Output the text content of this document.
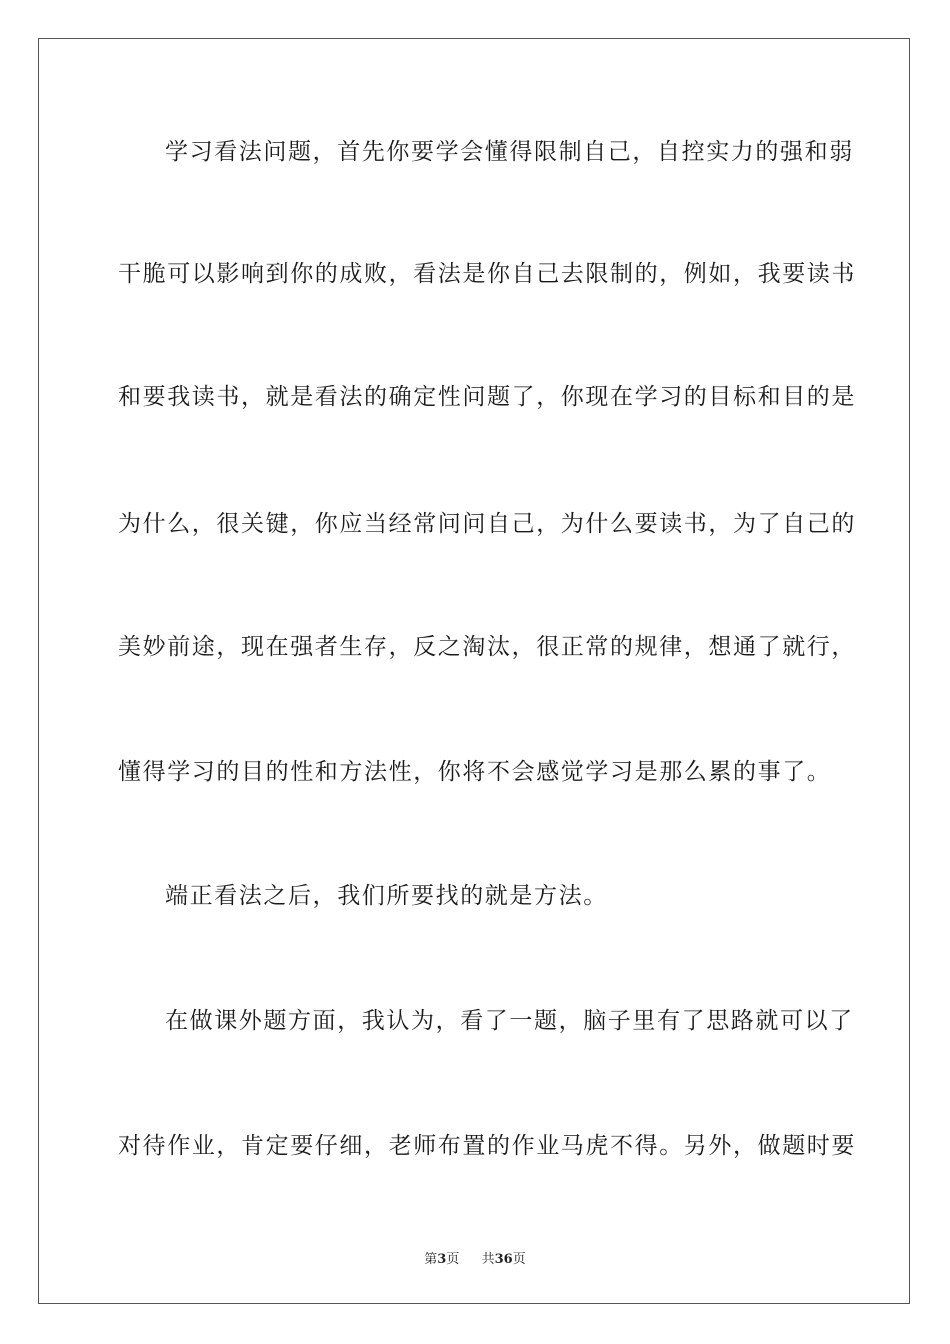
学习看法问题，首先你要学会懂得限制自己，自控实力的强和弱
干脆可以影响到你的成败，看法是你自己去限制的，例如，我要读书
和要我读书，就是看法的确定性问题了，你现在学习的目标和目的是
为什么，很关键，你应当经常问问自己，为什么要读书，为了自己的
美妙前途，现在强者生存，反之淘汰，很正常的规律，想通了就行，
懂得学习的目的性和方法性，你将不会感觉学习是那么累的事了。
端正看法之后，我们所要找的就是方法。
在做课外题方面，我认为，看了一题，脑子里有了思路就可以了
对待作业，肯定要仔细，老师布置的作业马虎不得。另外，做题时要
第3页 共36页
